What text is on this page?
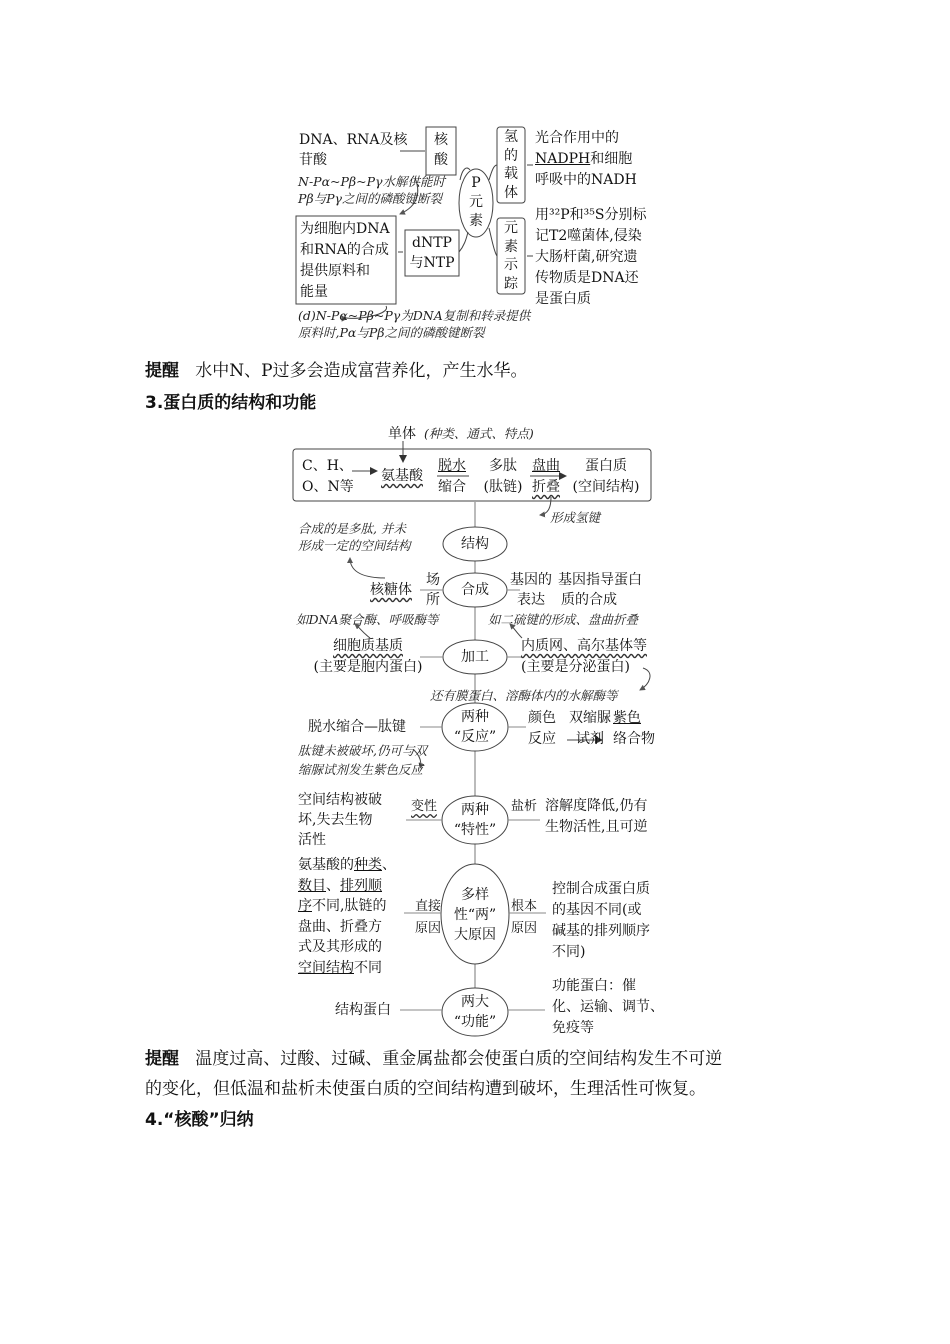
DNA、RNA及核
苷酸
核
酸
N-Pα~Pβ~Pγ水解供能时
Pβ与Pγ之间的磷酸键断裂
为细胞内DNA
和RNA的合成
提供原料和
能量
dNTP
与NTP
P
元
素
氢
的
载
体
元
素
示
踪
光合作用中的
NADPH和细胞
呼吸中的NADH
用³²P和³⁵S分别标
记T2噬菌体,侵染
大肠杆菌,研究遗
传物质是DNA还
是蛋白质
(d)N-Pα~Pβ~Pγ为DNA复制和转录提供
原料时,Pα与Pβ之间的磷酸键断裂
提醒 水中N、P过多会造成富营养化，产生水华。
3.蛋白质的结构和功能
单体 (种类、通式、特点)
C、H、
O、N等
氨基酸
脱水
缩合
多肽
(肽链)
盘曲
折叠
蛋白质
(空间结构)
形成氢键
合成的是多肽, 并未
形成一定的空间结构	结构
合成
核糖体
场
所
基因的
表达
基因指导蛋白
质的合成
如DNA聚合酶、呼吸酶等	如二硫键的形成、盘曲折叠
加工
细胞质基质
(主要是胞内蛋白)
内质网、高尔基体等
(主要是分泌蛋白)
还有膜蛋白、溶酶体内的水解酶等
两种
“反应”
脱水缩合—肽键
颜色
反应
双缩脲
试剂
紫色
络合物
肽键未被破坏,仍可与双
缩脲试剂发生紫色反应
两种
“特性”
变性	盐析
空间结构被破
坏,失去生物
活性
溶解度降低,仍有
生物活性,且可逆
多样
性“两”
大原因
直接
原因
根本
原因
氨基酸的种类、
数目、排列顺
序不同,肽链的
盘曲、折叠方
式及其形成的
空间结构不同
控制合成蛋白质
的基因不同(或
碱基的排列顺序
不同)
两大
“功能”
结构蛋白
功能蛋白：催
化、运输、调节、
免疫等
提醒 温度过高、过酸、过碱、重金属盐都会使蛋白质的空间结构发生不可逆
的变化，但低温和盐析未使蛋白质的空间结构遭到破坏，生理活性可恢复。
4.“核酸”归纳
